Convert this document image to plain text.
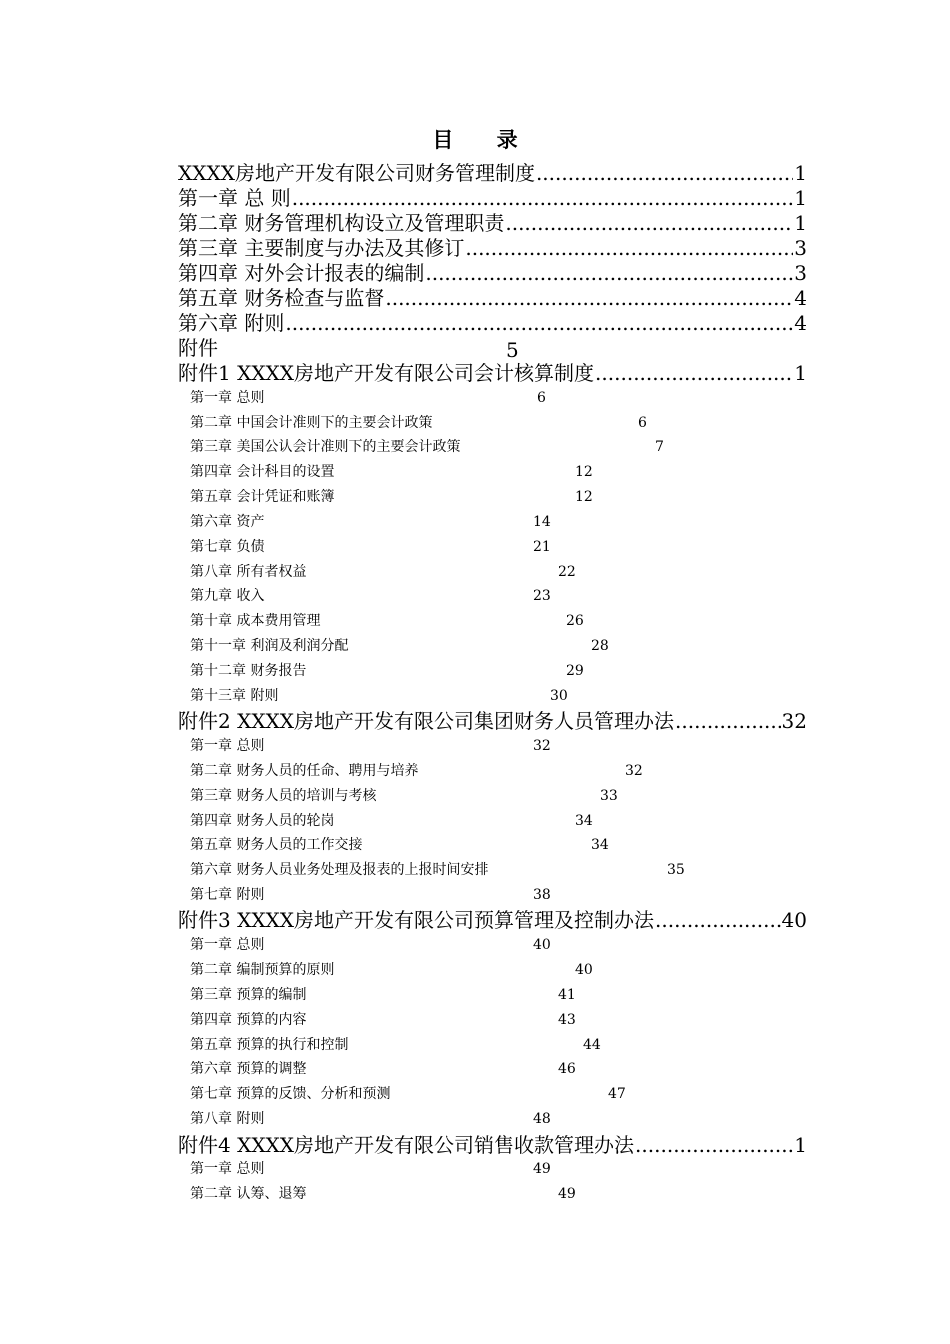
目 录
XXXX房地产开发有限公司财务管理制度 .....	1
第一章 总 则 .....	1
第二章 财务管理机构设立及管理职责 .....	1
第三章 主要制度与办法及其修订 .....	3
第四章 对外会计报表的编制 .....	3
第五章 财务检查与监督 .....	4
第六章 附则 .....	4
附件	5
附件1 XXXX房地产开发有限公司会计核算制度 .....	1
第一章 总则	6
第二章 中国会计准则下的主要会计政策	6
第三章 美国公认会计准则下的主要会计政策	7
第四章 会计科目的设置	12
第五章 会计凭证和账簿	12
第六章 资产	14
第七章 负债	21
第八章 所有者权益	22
第九章 收入	23
第十章 成本费用管理	26
第十一章 利润及利润分配	28
第十二章 财务报告	29
第十三章 附则	30
附件2 XXXX房地产开发有限公司集团财务人员管理办法 .....	32
第一章 总则	32
第二章 财务人员的任命、聘用与培养	32
第三章 财务人员的培训与考核	33
第四章 财务人员的轮岗	34
第五章 财务人员的工作交接	34
第六章 财务人员业务处理及报表的上报时间安排	35
第七章 附则	38
附件3 XXXX房地产开发有限公司预算管理及控制办法 .....	40
第一章 总则	40
第二章 编制预算的原则	40
第三章 预算的编制	41
第四章 预算的内容	43
第五章 预算的执行和控制	44
第六章 预算的调整	46
第七章 预算的反馈、分析和预测	47
第八章 附则	48
附件4 XXXX房地产开发有限公司销售收款管理办法 .....	1
第一章 总则	49
第二章 认筹、退筹	49
